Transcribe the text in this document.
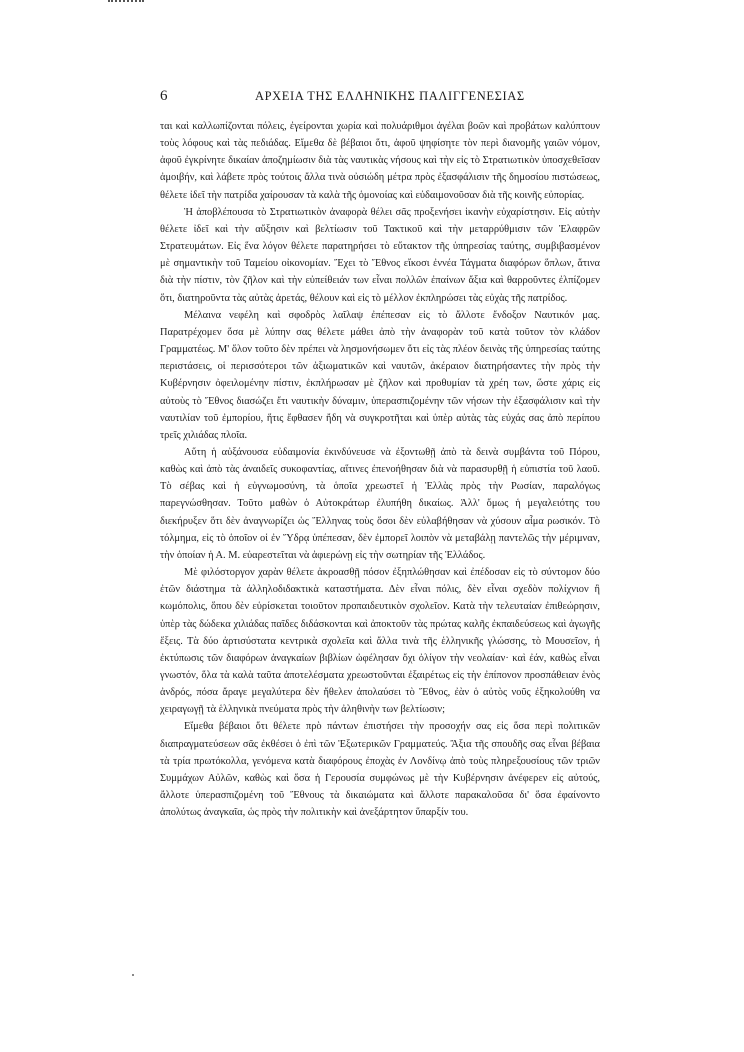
6	ΑΡΧΕΙΑ ΤΗΣ ΕΛΛΗΝΙΚΗΣ ΠΑΛΙΓΓΕΝΕΣΙΑΣ

ται καὶ καλλωπίζονται πόλεις, ἐγείρονται χωρία καὶ πολυάριθμοι ἀγέλαι βοῶν καὶ προβάτων καλύπτουν τοὺς λόφους καὶ τὰς πεδιάδας. Εἴμεθα δὲ βέβαιοι ὅτι, ἀφοῦ ψηφίσητε τὸν περὶ διανομῆς γαιῶν νόμον, ἀφοῦ ἐγκρίνητε δικαίαν ἀποζημίωσιν διὰ τὰς ναυτικὰς νήσους καὶ τὴν εἰς τὸ Στρατιωτικὸν ὑποσχεθεῖσαν ἀμοιβήν, καὶ λάβετε πρὸς τούτοις ἄλλα τινὰ οὐσιώδη μέτρα πρὸς ἐξασφάλισιν τῆς δημοσίου πιστώσεως, θέλετε ἰδεῖ τὴν πατρίδα χαίρουσαν τὰ καλὰ τῆς ὁμονοίας καὶ εὐδαιμονοῦσαν διὰ τῆς κοινῆς εὐπορίας.

Ἡ ἀποβλέπουσα τὸ Στρατιωτικὸν ἀναφορὰ θέλει σᾶς προξενήσει ἱκανὴν εὐχαρίστησιν. Εἰς αὐτὴν θέλετε ἰδεῖ καὶ τὴν αὔξησιν καὶ βελτίωσιν τοῦ Τακτικοῦ καὶ τὴν μεταρρύθμισιν τῶν Ἐλαφρῶν Στρατευμάτων. Εἰς ἕνα λόγον θέλετε παρατηρήσει τὸ εὔτακτον τῆς ὑπηρεσίας ταύτης, συμβιβασμένον μὲ σημαντικὴν τοῦ Ταμείου οἰκονομίαν. Ἔχει τὸ Ἔθνος εἴκοσι ἐννέα Τάγματα διαφόρων ὅπλων, ἅτινα διὰ τὴν πίστιν, τὸν ζῆλον καὶ τὴν εὐπείθειάν των εἶναι πολλῶν ἐπαίνων ἄξια καὶ θαρροῦντες ἐλπίζομεν ὅτι, διατηροῦντα τὰς αὐτὰς ἀρετάς, θέλουν καὶ εἰς τὸ μέλλον ἐκπληρώσει τὰς εὐχὰς τῆς πατρίδος.

Μέλαινα νεφέλη καὶ σφοδρὸς λαῖλαψ ἐπέπεσαν εἰς τὸ ἄλλοτε ἔνδοξον Ναυτικόν μας. Παρατρέχομεν ὅσα μὲ λύπην σας θέλετε μάθει ἀπὸ τὴν ἀναφορὰν τοῦ κατὰ τοῦτον τὸν κλάδον Γραμματέως. Μ' ὅλον τοῦτο δὲν πρέπει νὰ λησμονήσωμεν ὅτι εἰς τὰς πλέον δεινὰς τῆς ὑπηρεσίας ταύτης περιστάσεις, οἱ περισσότεροι τῶν ἀξιωματικῶν καὶ ναυτῶν, ἀκέραιον διατηρήσαντες τὴν πρὸς τὴν Κυβέρνησιν ὀφειλομένην πίστιν, ἐκπλήρωσαν μὲ ζῆλον καὶ προθυμίαν τὰ χρέη των, ὥστε χάρις εἰς αὐτοὺς τὸ Ἔθνος διασώζει ἔτι ναυτικὴν δύναμιν, ὑπερασπιζομένην τῶν νήσων τὴν ἐξασφάλισιν καὶ τὴν ναυτιλίαν τοῦ ἐμπορίου, ἥτις ἔφθασεν ἤδη νὰ συγκροτῆται καὶ ὑπὲρ αὐτὰς τὰς εὐχάς σας ἀπὸ περίπου τρεῖς χιλιάδας πλοῖα.

Αὕτη ἡ αὐξάνουσα εὐδαιμονία ἐκινδύνευσε νὰ ἐξοντωθῇ ἀπὸ τὰ δεινὰ συμβάντα τοῦ Πόρου, καθὼς καὶ ἀπὸ τὰς ἀναιδεῖς συκοφαντίας, αἵτινες ἐπενοήθησαν διὰ νὰ παρασυρθῇ ἡ εὐπιστία τοῦ λαοῦ. Τὸ σέβας καὶ ἡ εὐγνωμοσύνη, τὰ ὁποῖα χρεωστεῖ ἡ Ἑλλὰς πρὸς τὴν Ρωσίαν, παραλόγως παρεγνώσθησαν. Τοῦτο μαθὼν ὁ Αὐτοκράτωρ ἐλυπήθη δικαίως. Ἀλλ' ὅμως ἡ μεγαλειότης του διεκήρυξεν ὅτι δὲν ἀναγνωρίζει ὡς Ἕλληνας τοὺς ὅσοι δὲν εὐλαβήθησαν νὰ χύσουν αἷμα ρωσικόν. Τὸ τόλμημα, εἰς τὸ ὁποῖον οἱ ἐν Ὕδρᾳ ὑπέπεσαν, δὲν ἐμπορεῖ λοιπὸν νὰ μεταβάλῃ παντελῶς τὴν μέριμναν, τὴν ὁποίαν ἡ Α. Μ. εὐαρεστεῖται νὰ ἀφιερώνῃ εἰς τὴν σωτηρίαν τῆς Ἑλλάδος.

Μὲ φιλόστοργον χαρὰν θέλετε ἀκροασθῇ πόσον ἐξηπλώθησαν καὶ ἐπέδοσαν εἰς τὸ σύντομον δύο ἐτῶν διάστημα τὰ ἀλληλοδιδακτικὰ καταστήματα. Δὲν εἶναι πόλις, δὲν εἶναι σχεδὸν πολίχνιον ἢ κωμόπολις, ὅπου δὲν εὑρίσκεται τοιοῦτον προπαιδευτικὸν σχολεῖον. Κατὰ τὴν τελευταίαν ἐπιθεώρησιν, ὑπὲρ τὰς δώδεκα χιλιάδας παῖδες διδάσκονται καὶ ἀποκτοῦν τὰς πρώτας καλῆς ἐκπαιδεύσεως καὶ ἀγωγῆς ἕξεις. Τὰ δύο ἀρτισύστατα κεντρικὰ σχολεῖα καὶ ἄλλα τινὰ τῆς ἑλληνικῆς γλώσσης, τὸ Μουσεῖον, ἡ ἐκτύπωσις τῶν διαφόρων ἀναγκαίων βιβλίων ὠφέλησαν ὄχι ὀλίγον τὴν νεολαίαν· καὶ ἐάν, καθὼς εἶναι γνωστόν, ὅλα τὰ καλὰ ταῦτα ἀποτελέσματα χρεωστοῦνται ἐξαιρέτως εἰς τὴν ἐπίπονον προσπάθειαν ἑνὸς ἀνδρός, πόσα ἄραγε μεγαλύτερα δὲν ἤθελεν ἀπολαύσει τὸ Ἔθνος, ἐὰν ὁ αὐτὸς νοῦς ἐξηκολούθη να χειραγωγῇ τὰ ἑλληνικὰ πνεύματα πρὸς τὴν ἀληθινὴν των βελτίωσιν;

Εἴμεθα βέβαιοι ὅτι θέλετε πρὸ πάντων ἐπιστήσει τὴν προσοχήν σας εἰς ὅσα περὶ πολιτικῶν διαπραγματεύσεων σᾶς ἐκθέσει ὁ ἐπὶ τῶν Ἐξωτερικῶν Γραμματεύς. Ἄξια τῆς σπουδῆς σας εἶναι βέβαια τὰ τρία πρωτόκολλα, γενόμενα κατὰ διαφόρους ἐποχὰς ἐν Λονδίνῳ ἀπὸ τοὺς πληρεξουσίους τῶν τριῶν Συμμάχων Αὐλῶν, καθὼς καὶ ὅσα ἡ Γερουσία συμφώνως μὲ τὴν Κυβέρνησιν ἀνέφερεν εἰς αὐτούς, ἄλλοτε ὑπερασπιζομένη τοῦ Ἔθνους τὰ δικαιώματα καὶ ἄλλοτε παρακαλοῦσα δι' ὅσα ἐφαίνοντο ἀπολύτως ἀναγκαῖα, ὡς πρὸς τὴν πολιτικὴν καὶ ἀνεξάρτητον ὕπαρξίν του.
